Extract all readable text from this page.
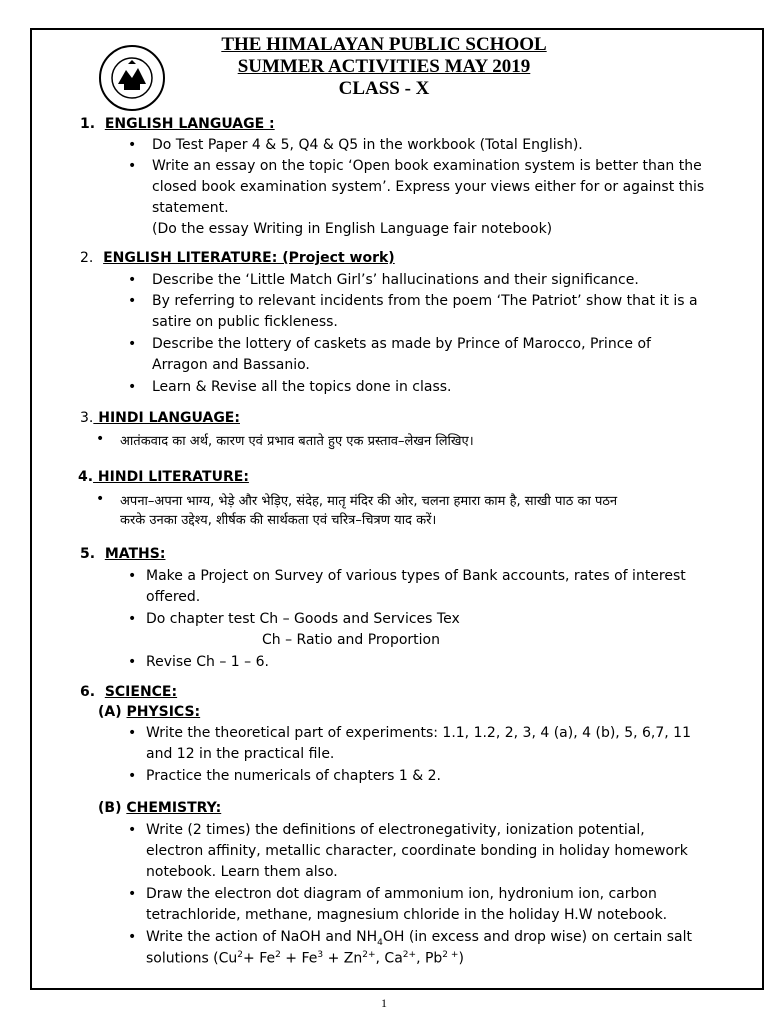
THE HIMALAYAN PUBLIC SCHOOL
SUMMER ACTIVITIES MAY 2019
CLASS - X
1. ENGLISH LANGUAGE :
• Do Test Paper 4 & 5, Q4 & Q5 in the workbook (Total English).
• Write an essay on the topic ‘Open book examination system is better than the
closed book examination system’. Express your views either for or against this
statement.
(Do the essay Writing in English Language fair notebook)
2. ENGLISH LITERATURE: (Project work)
• Describe the ‘Little Match Girl’s’ hallucinations and their significance.
• By referring to relevant incidents from the poem ‘The Patriot’ show that it is a
satire on public fickleness.
• Describe the lottery of caskets as made by Prince of Marocco, Prince of
Arragon and Bassanio.
• Learn & Revise all the topics done in class.
3. HINDI LANGUAGE:
• आतंकवाद का अर्थ, कारण एवं प्रभाव बताते हुए एक प्रस्ताव–लेखन लिखिए।
4. HINDI LITERATURE:
• अपना–अपना भाग्य, भेड़े और भेड़िए, संदेह, मातृ मंदिर की ओर, चलना हमारा काम है, साखी पाठ का पठन
करके उनका उद्देश्य, शीर्षक की सार्थकता एवं चरित्र–चित्रण याद करें।
5. MATHS:
• Make a Project on Survey of various types of Bank accounts, rates of interest
offered.
• Do chapter test Ch – Goods and Services Tex
Ch – Ratio and Proportion
• Revise Ch – 1 – 6.
6. SCIENCE:
(A) PHYSICS:
• Write the theoretical part of experiments: 1.1, 1.2, 2, 3, 4 (a), 4 (b), 5, 6,7, 11
and 12 in the practical file.
• Practice the numericals of chapters 1 & 2.
(B) CHEMISTRY:
• Write (2 times) the definitions of electronegativity, ionization potential,
electron affinity, metallic character, coordinate bonding in holiday homework
notebook. Learn them also.
• Draw the electron dot diagram of ammonium ion, hydronium ion, carbon
tetrachloride, methane, magnesium chloride in the holiday H.W notebook.
• Write the action of NaOH and $NH_4OH$ (in excess and drop wise) on certain salt
solutions ($Cu^2+ Fe^2 + Fe^3 + Zn^{2+}$, $Ca^{2+}$, $Pb^{2 +}$)
1
